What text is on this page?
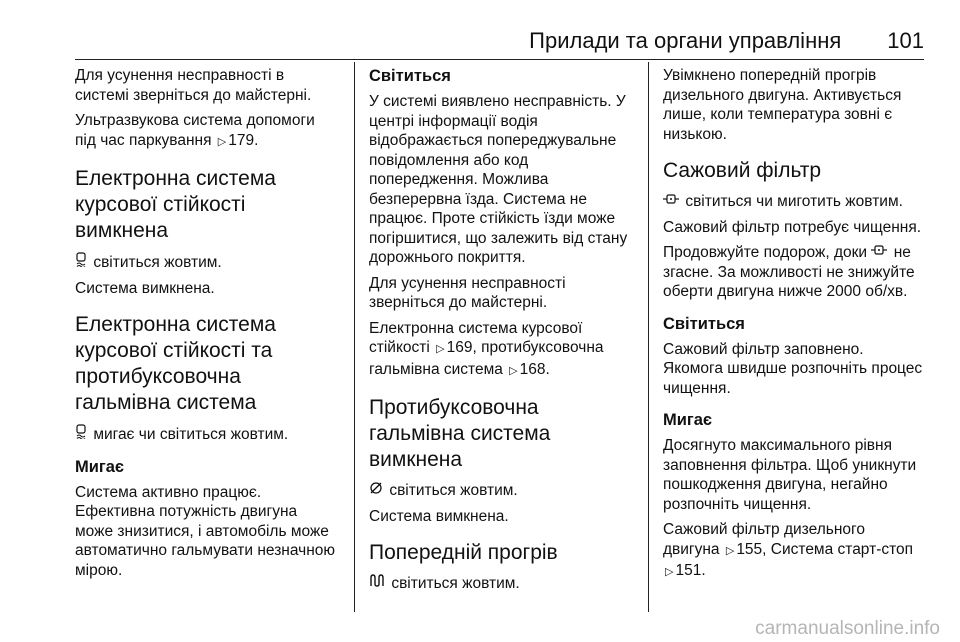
Прилади та органи управління 101

Для усунення несправності в системі зверніться до майстерні.

Ультразвукова система допомоги під час паркування ▷ 179.

Електронна система курсової стійкості вимкнена

світиться жовтим.

Система вимкнена.

Електронна система курсової стійкості та протибуксовочна гальмівна система

мигає чи світиться жовтим.

Мигає

Система активно працює.

Ефективна потужність двигуна може знизитися, і автомобіль може автоматично гальмувати незначною мірою.

Світиться

У системі виявлено несправність. У центрі інформації водія відображається попереджувальне повідомлення або код попередження. Можлива безперервна їзда. Система не працює. Проте стійкість їзди може погіршитися, що залежить від стану дорожнього покриття.

Для усунення несправності зверніться до майстерні.

Електронна система курсової стійкості ▷ 169, протибуксовочна гальмівна система ▷ 168.

Протибуксовочна гальмівна система вимкнена

світиться жовтим.

Система вимкнена.

Попередній прогрів

світиться жовтим.

Увімкнено попередній прогрів дизельного двигуна. Активується лише, коли температура зовні є низькою.

Сажовий фільтр

світиться чи миготить жовтим.

Сажовий фільтр потребує чищення.

Продовжуйте подорож, доки не згасне. За можливості не знижуйте оберти двигуна нижче 2000 об/хв.

Світиться

Сажовий фільтр заповнено. Якомога швидше розпочніть процес чищення.

Мигає

Досягнуто максимального рівня заповнення фільтра. Щоб уникнути пошкодження двигуна, негайно розпочніть чищення.

Сажовий фільтр дизельного двигуна ▷ 155, Система старт-стоп ▷ 151.

carmanualsonline.info
